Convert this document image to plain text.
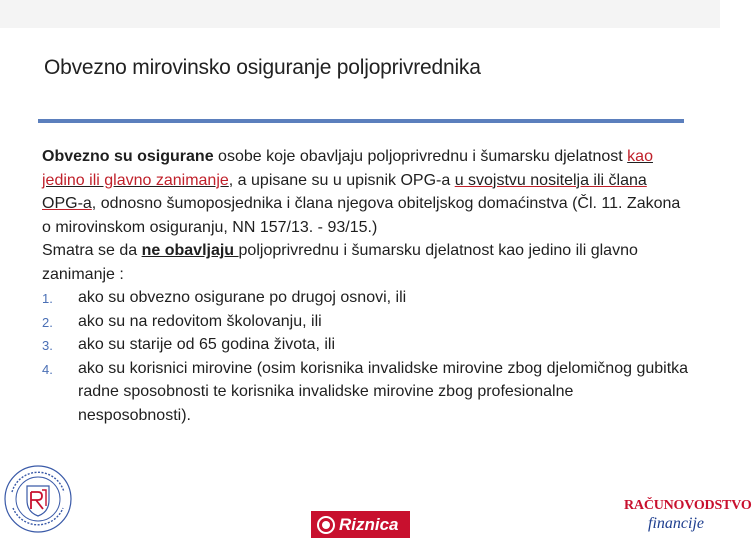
Obvezno mirovinsko osiguranje poljoprivrednika

Obvezno su osigurane osobe koje obavljaju poljoprivrednu i šumarsku djelatnost kao jedino ili glavno zanimanje, a upisane su u upisnik OPG-a u svojstvu nositelja ili člana OPG-a, odnosno šumoposjednika i člana njegova obiteljskog domaćinstva (Čl. 11. Zakona o mirovinskom osiguranju, NN 157/13. - 93/15.)

Smatra se da ne obavljaju poljoprivrednu i šumarsku djelatnost kao jedino ili glavno zanimanje :

1. ako su obvezno osigurane po drugoj osnovi, ili
2. ako su na redovitom školovanju, ili
3. ako su starije od 65 godina života, ili
4. ako su korisnici mirovine (osim korisnika invalidske mirovine zbog djelomičnog gubitka radne sposobnosti te korisnika invalidske mirovine zbog profesionalne nesposobnosti).
Riznica
RAČUNOVODSTVO
financije
